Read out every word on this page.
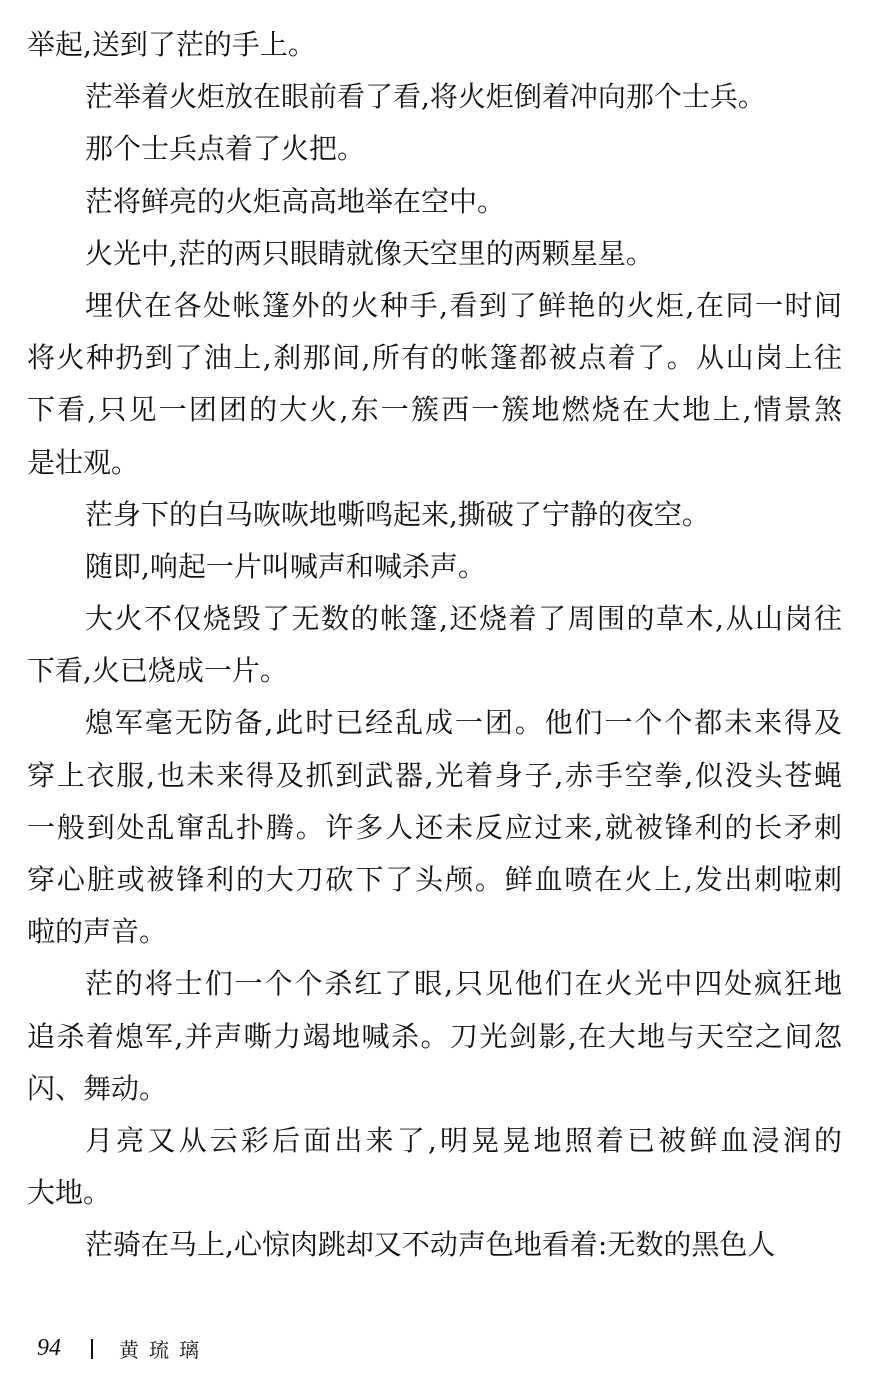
举起,送到了茫的手上。
茫举着火炬放在眼前看了看,将火炬倒着冲向那个士兵。
那个士兵点着了火把。
茫将鲜亮的火炬高高地举在空中。
火光中,茫的两只眼睛就像天空里的两颗星星。
埋伏在各处帐篷外的火种手,看到了鲜艳的火炬,在同一时间
将火种扔到了油上,刹那间,所有的帐篷都被点着了。从山岗上往
下看,只见一团团的大火,东一簇西一簇地燃烧在大地上,情景煞
是壮观。
茫身下的白马咴咴地嘶鸣起来,撕破了宁静的夜空。
随即,响起一片叫喊声和喊杀声。
大火不仅烧毁了无数的帐篷,还烧着了周围的草木,从山岗往
下看,火已烧成一片。
熄军毫无防备,此时已经乱成一团。他们一个个都未来得及
穿上衣服,也未来得及抓到武器,光着身子,赤手空拳,似没头苍蝇
一般到处乱窜乱扑腾。许多人还未反应过来,就被锋利的长矛刺
穿心脏或被锋利的大刀砍下了头颅。鲜血喷在火上,发出刺啦刺
啦的声音。
茫的将士们一个个杀红了眼,只见他们在火光中四处疯狂地
追杀着熄军,并声嘶力竭地喊杀。刀光剑影,在大地与天空之间忽
闪、舞动。
月亮又从云彩后面出来了,明晃晃地照着已被鲜血浸润的
大地。
茫骑在马上,心惊肉跳却又不动声色地看着:无数的黑色人
94	黄琉璃
